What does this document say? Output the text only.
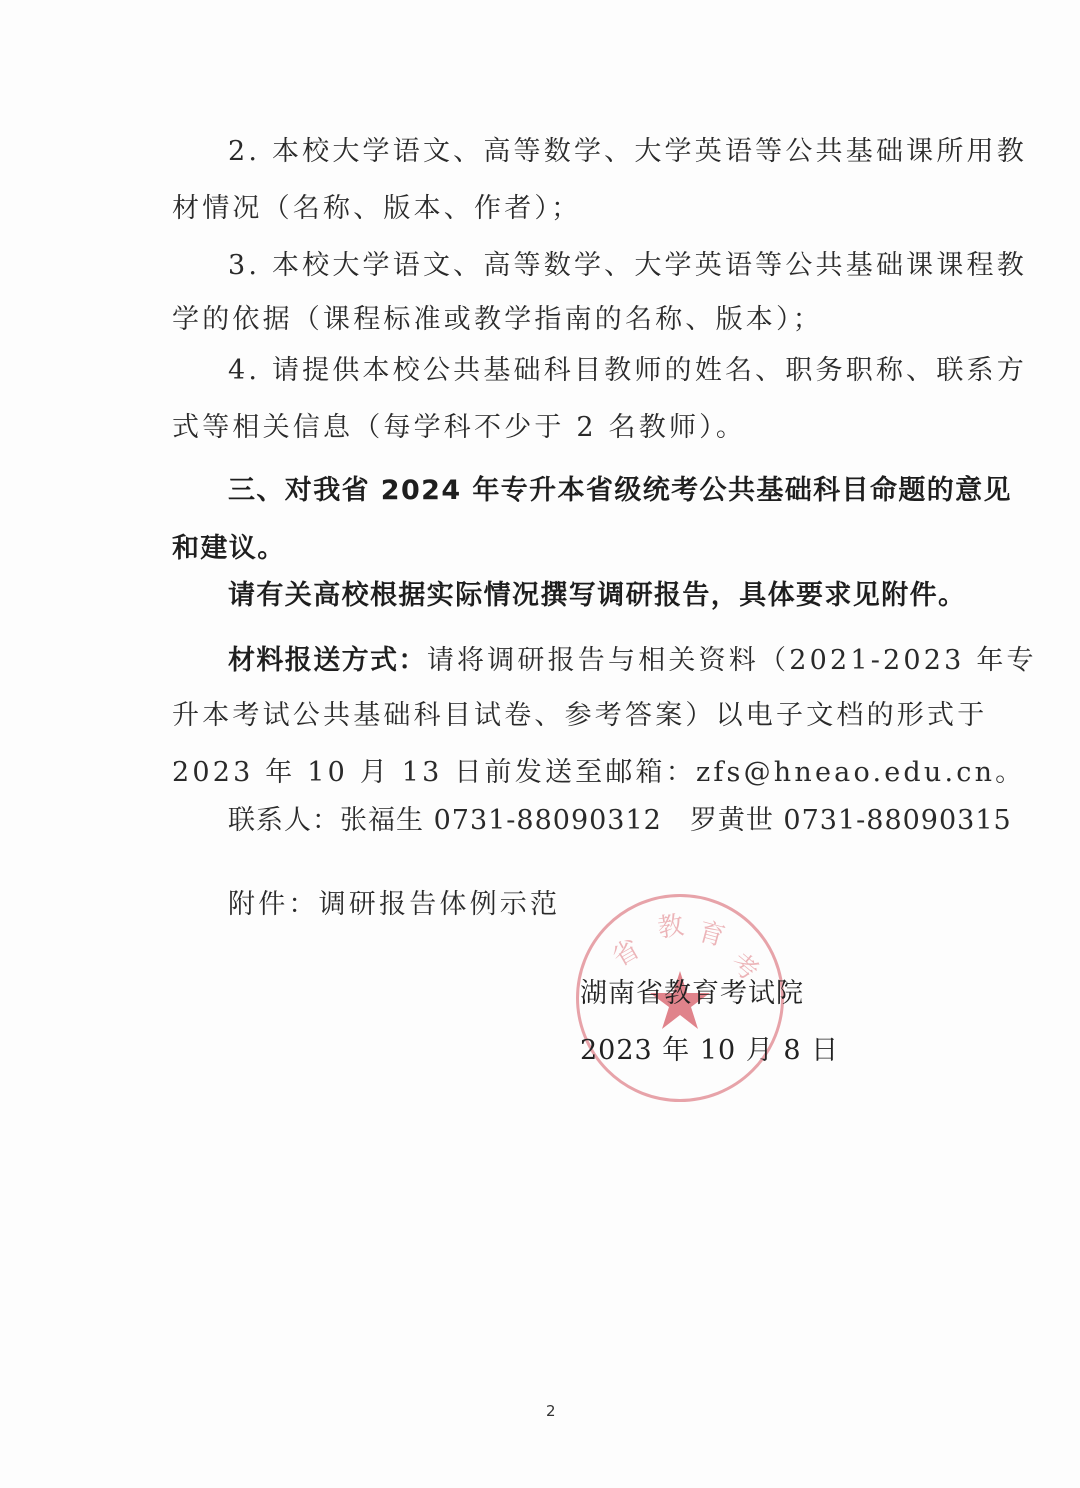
2. 本校大学语文、高等数学、大学英语等公共基础课所用教
材情况（名称、版本、作者）；
3. 本校大学语文、高等数学、大学英语等公共基础课课程教
学的依据（课程标准或教学指南的名称、版本）；
4. 请提供本校公共基础科目教师的姓名、职务职称、联系方
式等相关信息（每学科不少于 2 名教师）。
三、对我省 2024 年专升本省级统考公共基础科目命题的意见
和建议。
请有关高校根据实际情况撰写调研报告，具体要求见附件。
材料报送方式：请将调研报告与相关资料（2021-2023 年专
升本考试公共基础科目试卷、参考答案）以电子文档的形式于
2023 年 10 月 13 日前发送至邮箱：zfs@hneao.edu.cn。
联系人：张福生 0731-88090312　罗黄世 0731-88090315
附件：调研报告体例示范
省
教 育
考
湖南省教育考试院
2023 年 10 月 8 日
2
